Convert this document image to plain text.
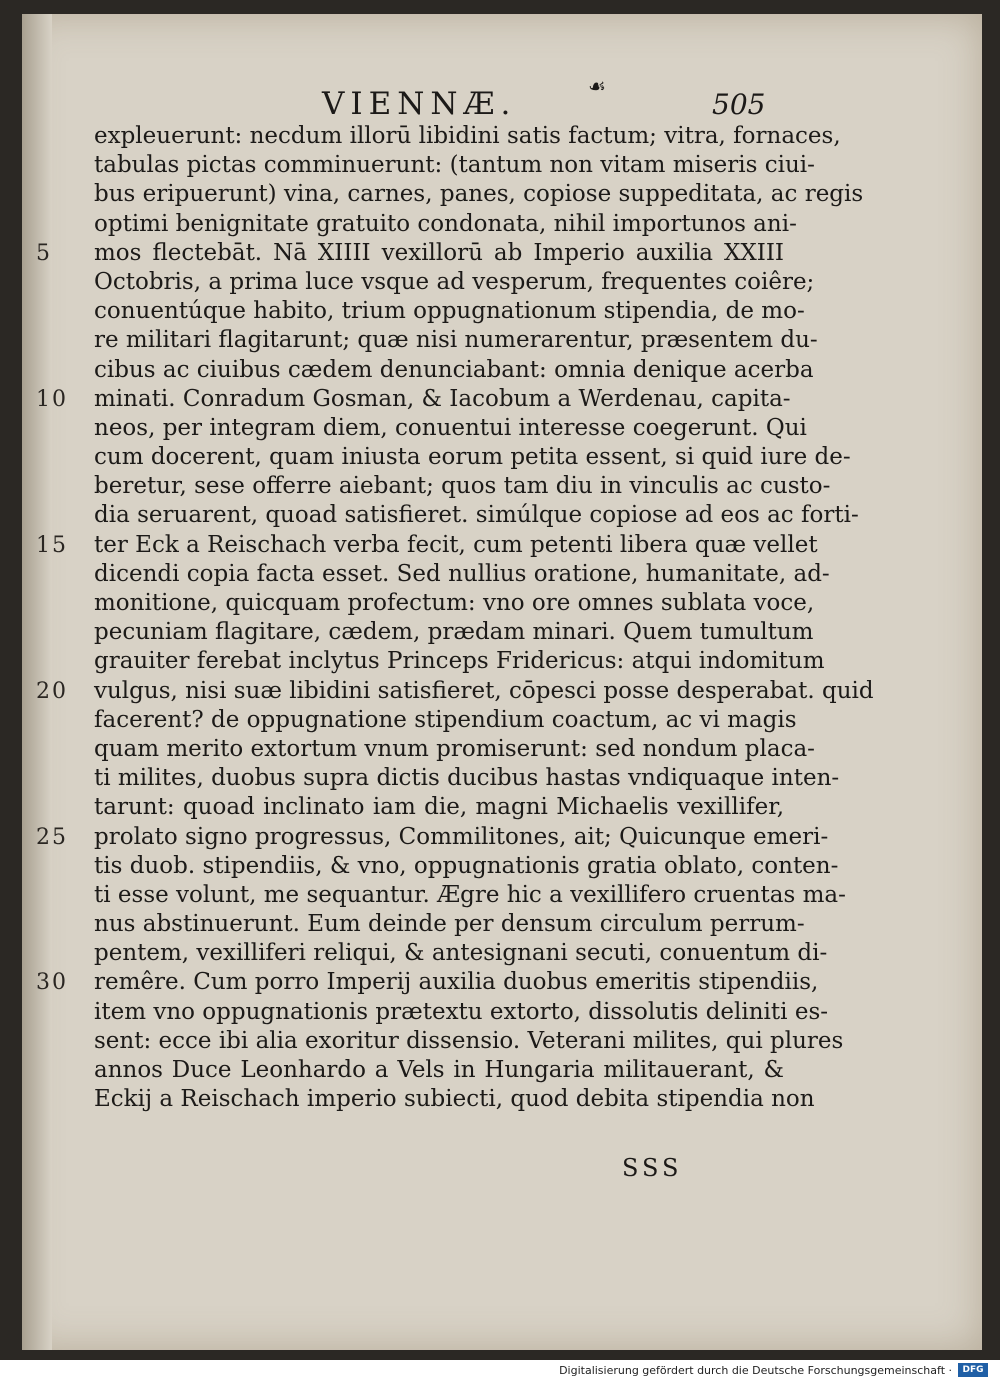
VIENNÆ.	☙
505
expleuerunt: necdum illorū libidini satis factum; vitra, fornaces,
tabulas pictas comminuerunt: (tantum non vitam miseris ciui-
bus eripuerunt) vina, carnes, panes, copiose suppeditata, ac regis
optimi benignitate gratuito condonata, nihil importunos ani-
5 mos flectebāt. Nā XIIII vexillorū ab Imperio auxilia XXIII
Octobris, a prima luce vsque ad vesperum, frequentes coiêre;
conuentúque habito, trium oppugnationum stipendia, de mo-
re militari flagitarunt; quæ nisi numerarentur, præsentem du-
cibus ac ciuibus cædem denunciabant: omnia denique acerba
10 minati. Conradum Gosman, & Iacobum a Werdenau, capita-
neos, per integram diem, conuentui interesse coegerunt. Qui
cum docerent, quam iniusta eorum petita essent, si quid iure de-
beretur, sese offerre aiebant; quos tam diu in vinculis ac custo-
dia seruarent, quoad satisfieret. simúlque copiose ad eos ac forti-
15 ter Eck a Reischach verba fecit, cum petenti libera quæ vellet
dicendi copia facta esset. Sed nullius oratione, humanitate, ad-
monitione, quicquam profectum: vno ore omnes sublata voce,
pecuniam flagitare, cædem, prædam minari. Quem tumultum
grauiter ferebat inclytus Princeps Fridericus: atqui indomitum
20 vulgus, nisi suæ libidini satisfieret, cōpesci posse desperabat. quid
facerent? de oppugnatione stipendium coactum, ac vi magis
quam merito extortum vnum promiserunt: sed nondum placa-
ti milites, duobus supra dictis ducibus hastas vndiquaque inten-
tarunt: quoad inclinato iam die, magni Michaelis vexillifer,
25 prolato signo progressus, Commilitones, ait; Quicunque emeri-
tis duob. stipendiis, & vno, oppugnationis gratia oblato, conten-
ti esse volunt, me sequantur. Ægre hic a vexillifero cruentas ma-
nus abstinuerunt. Eum deinde per densum circulum perrum-
pentem, vexilliferi reliqui, & antesignani secuti, conuentum di-
30 remêre. Cum porro Imperij auxilia duobus emeritis stipendiis,
item vno oppugnationis prætextu extorto, dissolutis deliniti es-
sent: ecce ibi alia exoritur dissensio. Veterani milites, qui plures
annos Duce Leonhardo a Vels in Hungaria militauerant, &
Eckij a Reischach imperio subiecti, quod debita stipendia non
SSS
Digitalisierung gefördert durch die Deutsche Forschungsgemeinschaft ·	DFG
